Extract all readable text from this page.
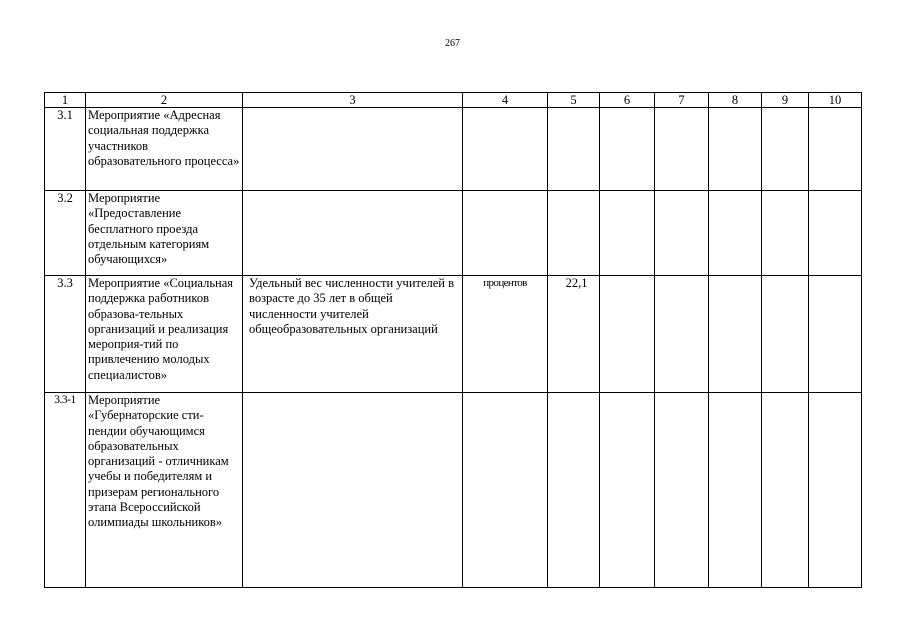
267
1	2	3	4	5	6	7	8	9	10
3.1	Мероприятие «Адресная социальная поддержка участников образовательного процесса»								
3.2	Мероприятие «Предоставление бесплатного проезда отдельным категориям обучающихся»								
3.3	Мероприятие «Социальная поддержка работников образова-тельных организаций и реализация мероприя-тий по привлечению молодых специалистов»	Удельный вес численности учителей в возрасте до 35 лет в общей численности учителей общеобразовательных организаций	процентов	22,1					
3.3-1	Мероприятие «Губернаторские сти-пендии обучающимся образовательных организаций - отличникам учебы и победителям и призерам регионального этапа Всероссийской олимпиады школьников»								
